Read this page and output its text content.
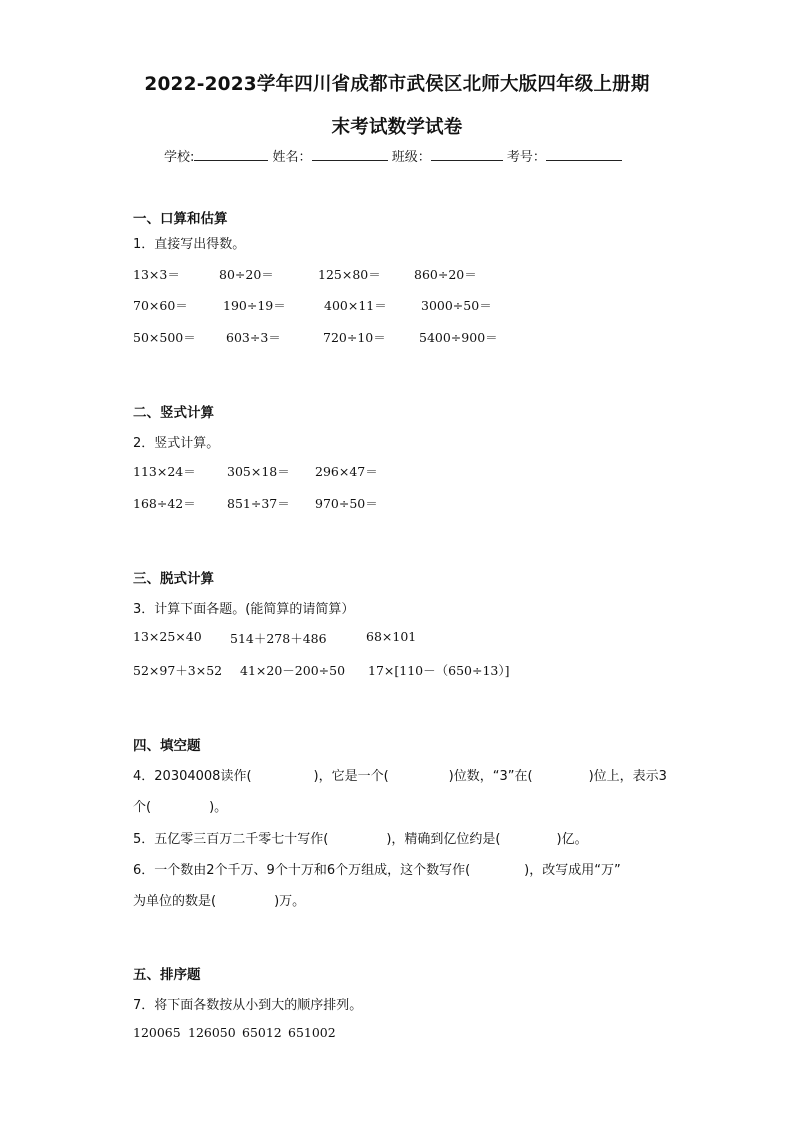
2022-2023学年四川省成都市武侯区北师大版四年级上册期
末考试数学试卷
学校:	姓名：	班级：	考号：
一、口算和估算
1．直接写出得数。
13×3＝	80÷20＝	125×80＝	860÷20＝
70×60＝	190÷19＝	400×11＝	3000÷50＝
50×500＝ 603÷3＝	720÷10＝	5400÷900＝
二、竖式计算
2．竖式计算。
113×24＝	305×18＝ 296×47＝
168÷42＝	851÷37＝ 970÷50＝
三、脱式计算
3．计算下面各题。(能简算的请简算）
13×25×40 514＋278＋486	68×101
52×97＋3×52 41×20－200÷50 17×[110－（650÷13）]
四、填空题
4．20304008读作(	)，它是一个(	)位数，“3”在(	)位上，表示3
个(	)。
5．五亿零三百万二千零七十写作(	)，精确到亿位约是(	)亿。
6．一个数由2个千万、9个十万和6个万组成，这个数写作(	)，改写成用“万”
为单位的数是(	)万。
五、排序题
7．将下面各数按从小到大的顺序排列。
120065 126050 65012 651002
